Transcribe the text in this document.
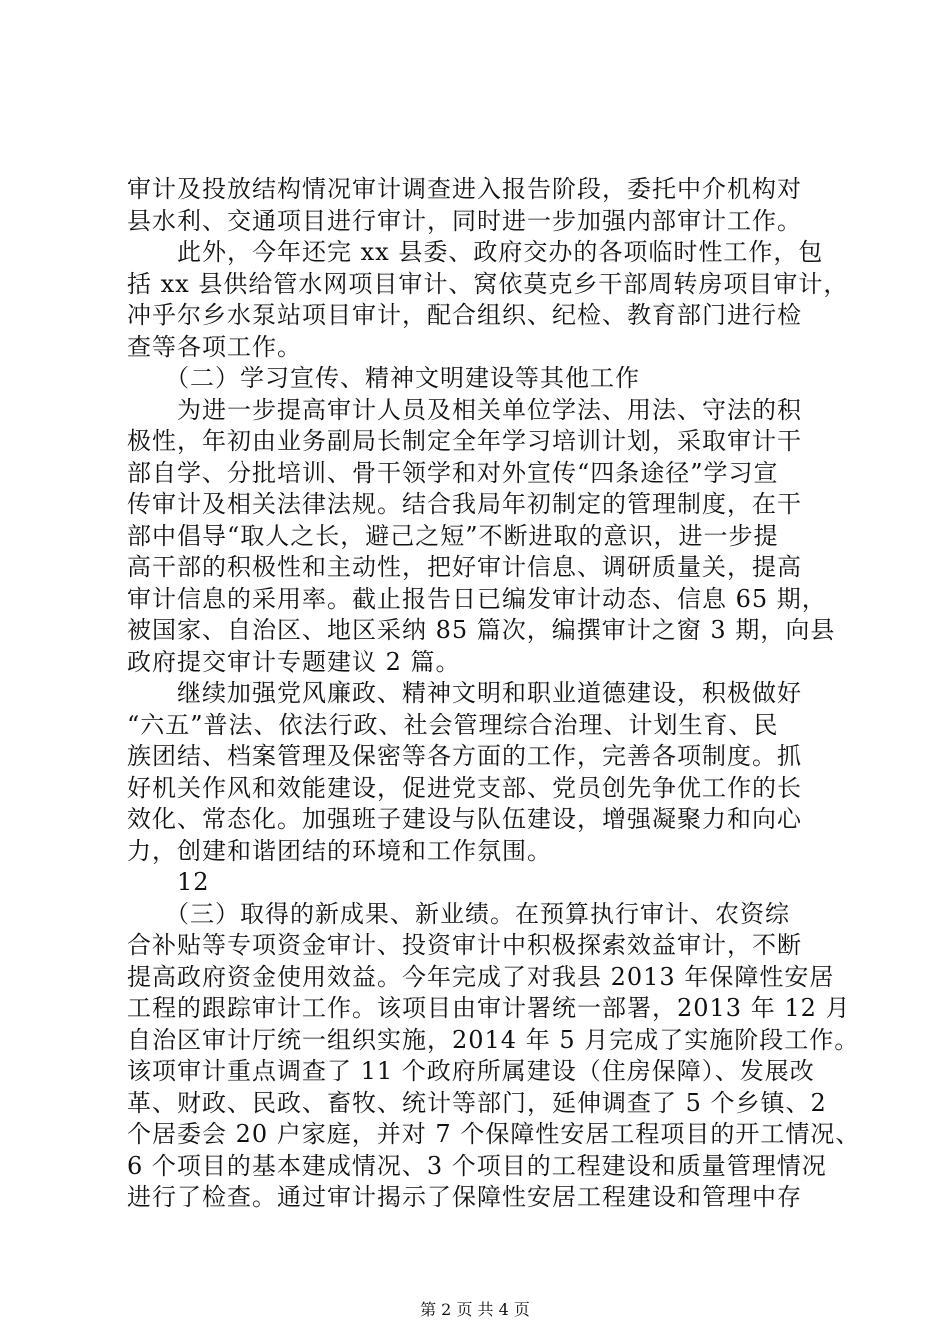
审计及投放结构情况审计调查进入报告阶段，委托中介机构对
县水利、交通项目进行审计，同时进一步加强内部审计工作。
　　此外，今年还完 xx 县委、政府交办的各项临时性工作，包
括 xx 县供给管水网项目审计、窝依莫克乡干部周转房项目审计，
冲乎尔乡水泵站项目审计，配合组织、纪检、教育部门进行检
查等各项工作。
　　（二）学习宣传、精神文明建设等其他工作
　　为进一步提高审计人员及相关单位学法、用法、守法的积
极性，年初由业务副局长制定全年学习培训计划，采取审计干
部自学、分批培训、骨干领学和对外宣传“四条途径”学习宣
传审计及相关法律法规。结合我局年初制定的管理制度，在干
部中倡导“取人之长，避己之短”不断进取的意识，进一步提
高干部的积极性和主动性，把好审计信息、调研质量关，提高
审计信息的采用率。截止报告日已编发审计动态、信息 65 期，
被国家、自治区、地区采纳 85 篇次，编撰审计之窗 3 期，向县
政府提交审计专题建议 2 篇。
　　继续加强党风廉政、精神文明和职业道德建设，积极做好
“六五”普法、依法行政、社会管理综合治理、计划生育、民
族团结、档案管理及保密等各方面的工作，完善各项制度。抓
好机关作风和效能建设，促进党支部、党员创先争优工作的长
效化、常态化。加强班子建设与队伍建设，增强凝聚力和向心
力，创建和谐团结的环境和工作氛围。
　　12
　　（三）取得的新成果、新业绩。在预算执行审计、农资综
合补贴等专项资金审计、投资审计中积极探索效益审计，不断
提高政府资金使用效益。今年完成了对我县 2013 年保障性安居
工程的跟踪审计工作。该项目由审计署统一部署，2013 年 12 月
自治区审计厅统一组织实施，2014 年 5 月完成了实施阶段工作。
该项审计重点调查了 11 个政府所属建设（住房保障）、发展改
革、财政、民政、畜牧、统计等部门，延伸调查了 5 个乡镇、2
个居委会 20 户家庭，并对 7 个保障性安居工程项目的开工情况、
6 个项目的基本建成情况、3 个项目的工程建设和质量管理情况
进行了检查。通过审计揭示了保障性安居工程建设和管理中存
第 2 页 共 4 页
